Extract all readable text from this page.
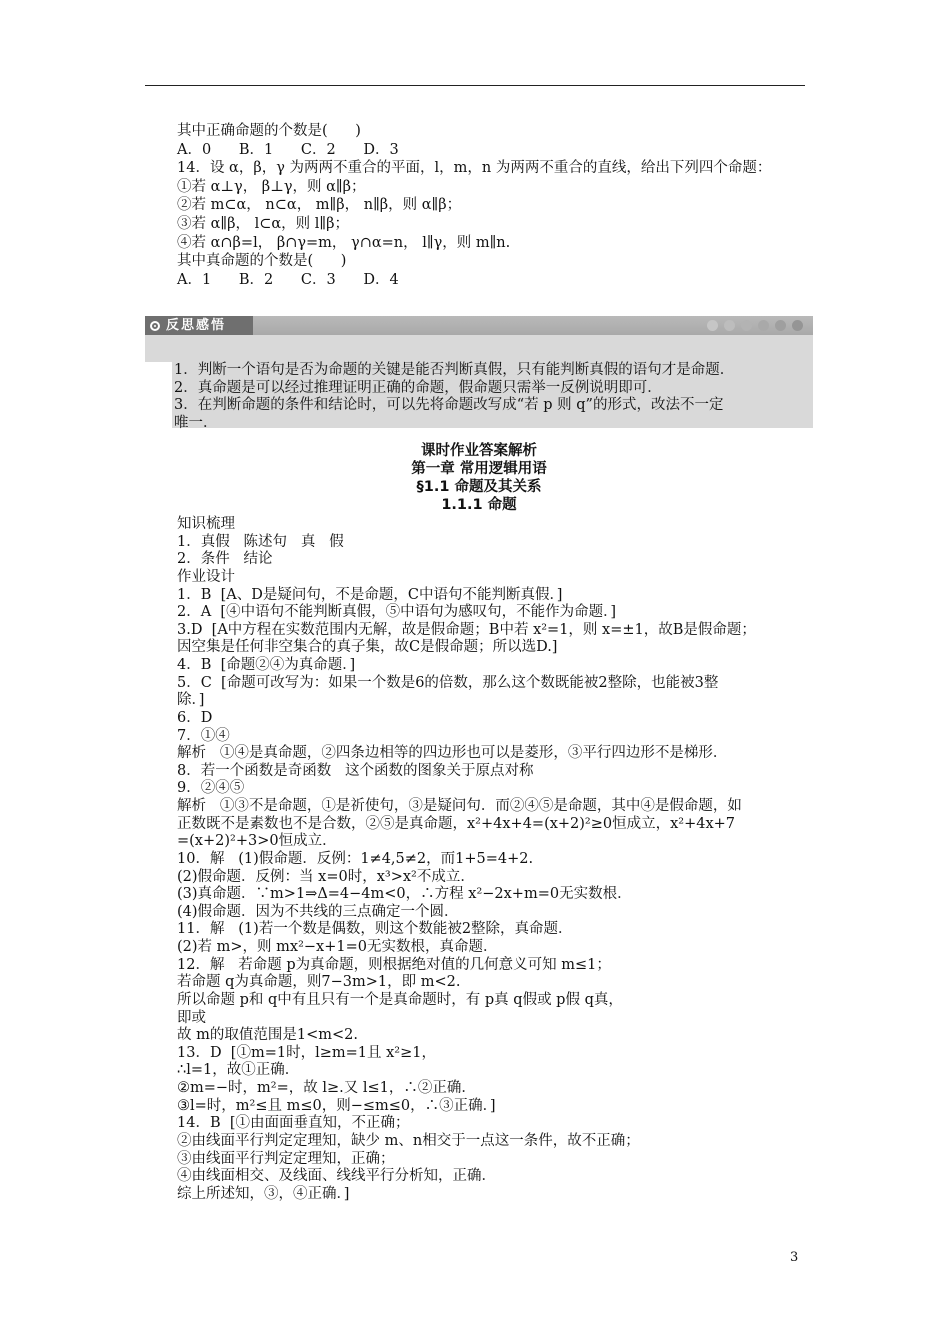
其中正确命题的个数是(      )
A．0      B．1      C．2      D．3
14．设 α，β，γ 为两两不重合的平面，l，m，n 为两两不重合的直线，给出下列四个命题：
①若 α⊥γ， β⊥γ，则 α∥β；
②若 m⊂α， n⊂α， m∥β， n∥β，则 α∥β；
③若 α∥β， l⊂α，则 l∥β；
④若 α∩β=l， β∩γ=m， γ∩α=n， l∥γ，则 m∥n.
其中真命题的个数是(      )
A．1      B．2      C．3      D．4
反思感悟
1．判断一个语句是否为命题的关键是能否判断真假，只有能判断真假的语句才是命题．
2．真命题是可以经过推理证明正确的命题，假命题只需举一反例说明即可．
3．在判断命题的条件和结论时，可以先将命题改写成“若 p 则 q”的形式，改法不一定
唯一．
课时作业答案解析
第一章 常用逻辑用语
§1.1 命题及其关系
1.1.1 命题
知识梳理
1．真假   陈述句   真   假
2．条件   结论
作业设计
1．B  [A、D是疑问句，不是命题，C中语句不能判断真假．]
2．A  [④中语句不能判断真假，⑤中语句为感叹句，不能作为命题．]
3.D  [A中方程在实数范围内无解，故是假命题；B中若 x²=1，则 x=±1，故B是假命题；
因空集是任何非空集合的真子集，故C是假命题；所以选D.]
4．B  [命题②④为真命题．]
5．C  [命题可改写为：如果一个数是6的倍数，那么这个数既能被2整除，也能被3整
除．]
6．D
7．①④
解析   ①④是真命题，②四条边相等的四边形也可以是菱形，③平行四边形不是梯形．
8．若一个函数是奇函数   这个函数的图象关于原点对称
9．②④⑤
解析   ①③不是命题，①是祈使句，③是疑问句．而②④⑤是命题，其中④是假命题，如
正数既不是素数也不是合数，②⑤是真命题，x²+4x+4=(x+2)²≥0恒成立，x²+4x+7
=(x+2)²+3>0恒成立．
10．解   (1)假命题．反例：1≠4,5≠2，而1+5=4+2.
(2)假命题．反例：当 x=0时，x³>x²不成立．
(3)真命题．∵m>1⇒Δ=4−4m<0，∴方程 x²−2x+m=0无实数根．
(4)假命题．因为不共线的三点确定一个圆．
11．解   (1)若一个数是偶数，则这个数能被2整除，真命题．
(2)若 m>，则 mx²−x+1=0无实数根，真命题．
12．解   若命题 p为真命题，则根据绝对值的几何意义可知 m≤1；
若命题 q为真命题，则7−3m>1，即 m<2.
所以命题 p和 q中有且只有一个是真命题时，有 p真 q假或 p假 q真，
即或
故 m的取值范围是1<m<2.
13．D  [①m=1时，l≥m=1且 x²≥1，
∴l=1，故①正确．
②m=−时，m²=，故 l≥.又 l≤1，∴②正确．
③l=时，m²≤且 m≤0，则−≤m≤0，∴③正确．]
14．B  [①由面面垂直知，不正确；
②由线面平行判定定理知，缺少 m、n相交于一点这一条件，故不正确；
③由线面平行判定定理知，正确；
④由线面相交、及线面、线线平行分析知，正确．
综上所述知，③，④正确．]
3
